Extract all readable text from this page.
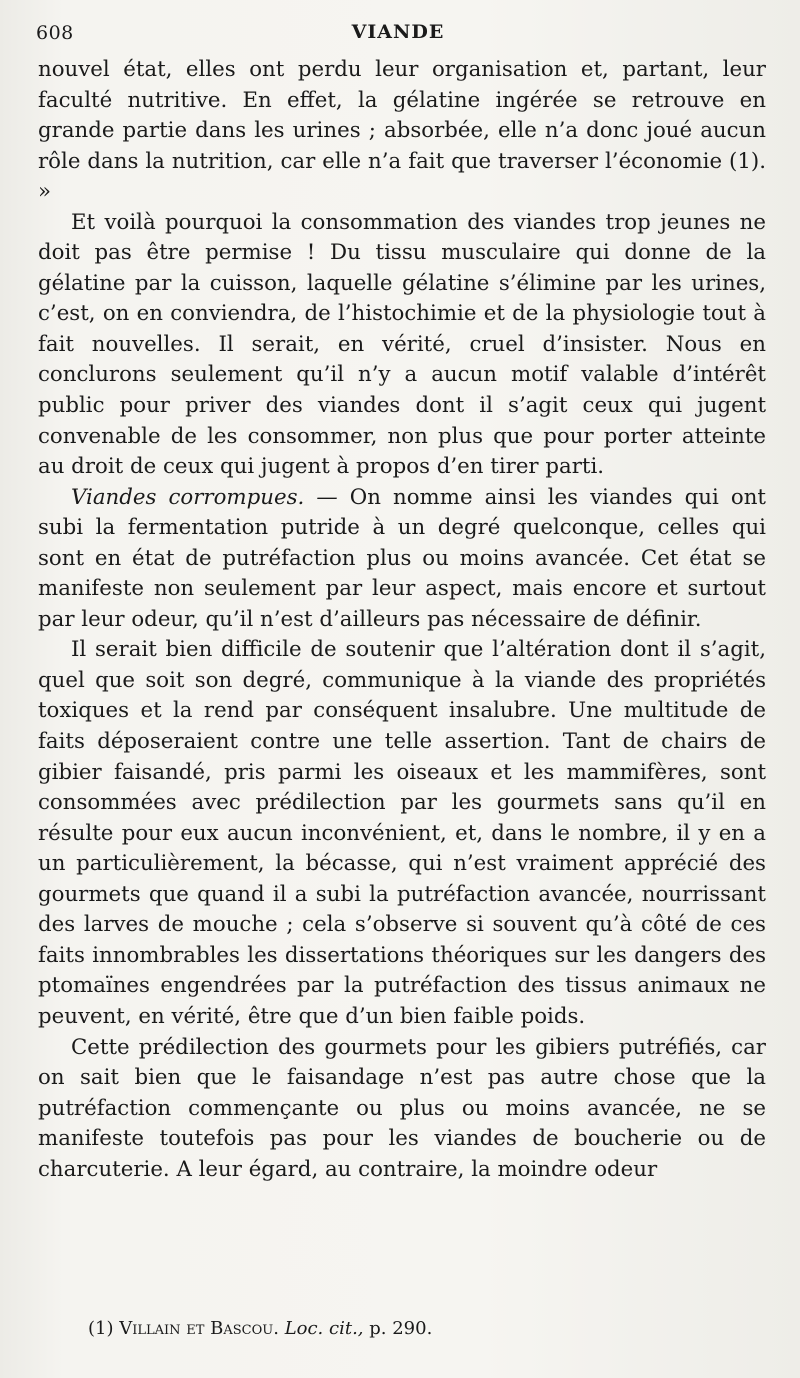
608	VIANDE

nouvel état, elles ont perdu leur organisation et, partant, leur faculté nutritive. En effet, la gélatine ingérée se retrouve en grande partie dans les urines ; absorbée, elle n’a donc joué aucun rôle dans la nutrition, car elle n’a fait que traverser l’économie (1). »

Et voilà pourquoi la consommation des viandes trop jeunes ne doit pas être permise ! Du tissu musculaire qui donne de la gélatine par la cuisson, laquelle gélatine s’élimine par les urines, c’est, on en conviendra, de l’histochimie et de la physiologie tout à fait nouvelles. Il serait, en vérité, cruel d’insister. Nous en conclurons seulement qu’il n’y a aucun motif valable d’intérêt public pour priver des viandes dont il s’agit ceux qui jugent convenable de les consommer, non plus que pour porter atteinte au droit de ceux qui jugent à propos d’en tirer parti.

Viandes corrompues. — On nomme ainsi les viandes qui ont subi la fermentation putride à un degré quelconque, celles qui sont en état de putréfaction plus ou moins avancée. Cet état se manifeste non seulement par leur aspect, mais encore et surtout par leur odeur, qu’il n’est d’ailleurs pas nécessaire de définir.

Il serait bien difficile de soutenir que l’altération dont il s’agit, quel que soit son degré, communique à la viande des propriétés toxiques et la rend par conséquent insalubre. Une multitude de faits déposeraient contre une telle assertion. Tant de chairs de gibier faisandé, pris parmi les oiseaux et les mammifères, sont consommées avec prédilection par les gourmets sans qu’il en résulte pour eux aucun inconvénient, et, dans le nombre, il y en a un particulièrement, la bécasse, qui n’est vraiment apprécié des gourmets que quand il a subi la putréfaction avancée, nourrissant des larves de mouche ; cela s’observe si souvent qu’à côté de ces faits innombrables les dissertations théoriques sur les dangers des ptomaïnes engendrées par la putréfaction des tissus animaux ne peuvent, en vérité, être que d’un bien faible poids.

Cette prédilection des gourmets pour les gibiers putréfiés, car on sait bien que le faisandage n’est pas autre chose que la putréfaction commençante ou plus ou moins avancée, ne se manifeste toutefois pas pour les viandes de boucherie ou de charcuterie. A leur égard, au contraire, la moindre odeur

(1) Villain et Bascou. Loc. cit., p. 290.
